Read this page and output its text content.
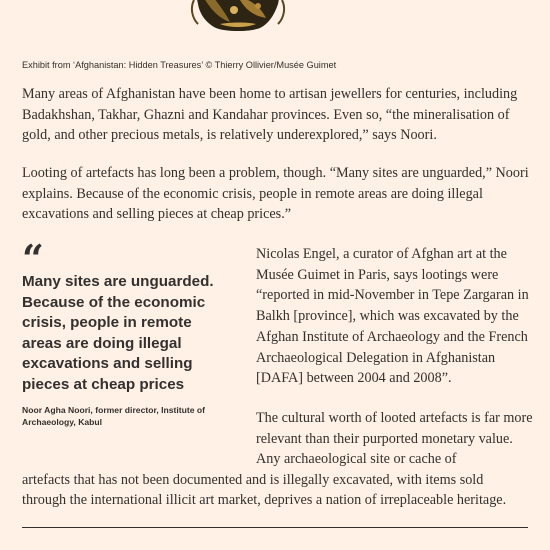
Exhibit from ‘Afghanistan: Hidden Treasures’ © Thierry Ollivier/Musée Guimet

Many areas of Afghanistan have been home to artisan jewellers for centuries, including Badakhshan, Takhar, Ghazni and Kandahar provinces. Even so, “the mineralisation of gold, and other precious metals, is relatively underexplored,” says Noori.

Looting of artefacts has long been a problem, though. “Many sites are unguarded,” Noori explains. Because of the economic crisis, people in remote areas are doing illegal excavations and selling pieces at cheap prices.”

“

Many sites are unguarded. Because of the economic crisis, people in remote areas are doing illegal excavations and selling pieces at cheap prices

Noor Agha Noori, former director, Institute of Archaeology, Kabul

Nicolas Engel, a curator of Afghan art at the Musée Guimet in Paris, says lootings were “reported in mid-November in Tepe Zargaran in Balkh [province], which was excavated by the Afghan Institute of Archaeology and the French Archaeological Delegation in Afghanistan [DAFA] between 2004 and 2008”.

The cultural worth of looted artefacts is far more relevant than their purported monetary value. Any archaeological site or cache of

artefacts that has not been documented and is illegally excavated, with items sold
through the international illicit art market, deprives a nation of irreplaceable heritage.
